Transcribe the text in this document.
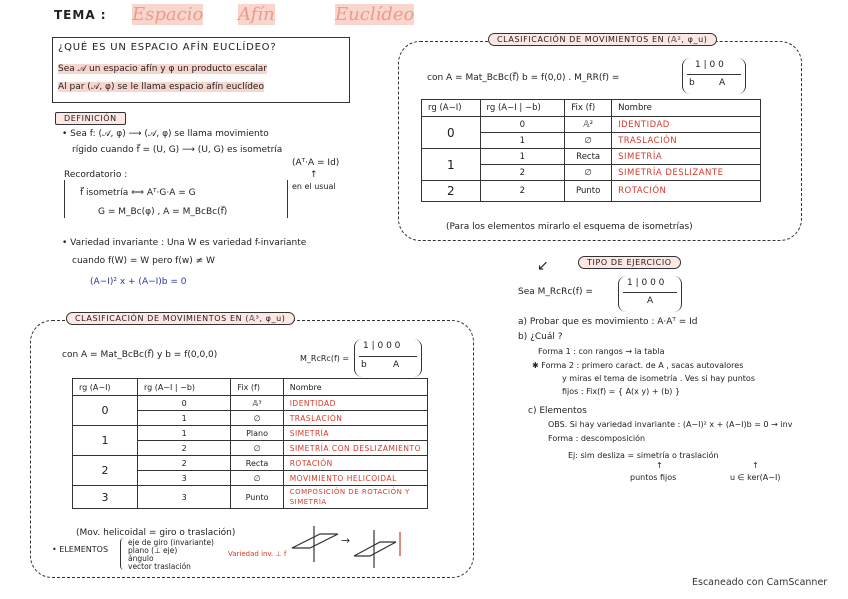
TEMA : Espacio Afín	Euclídeo
¿QUÉ ES UN ESPACIO AFÍN EUCLÍDEO?
Sea 𝒜 un espacio afín y φ un producto escalar
Al par (𝒜, φ) se le llama espacio afín euclídeo
DEFINICIÓN
• Sea f: (𝒜, φ) ⟶ (𝒜, φ) se llama movimiento
rígido cuando f⃗ = (U, G) ⟶ (U, G) es isometría
(Aᵀ·A = Id)
↑
en el usual
Recordatorio :
f⃗ isometría ⟺ Aᵀ·G·A = G
G = M_Bc(φ) , A = M_BcBc(f⃗)
• Variedad invariante : Una W es variedad f-invariante
cuando f(W) = W pero f(w) ≠ W
(A−I)² x + (A−I)b = 0
CLASIFICACIÓN DE MOVIMIENTOS EN (𝔸², φ_u)
con A = Mat_BcBc(f⃗) b = f(0,0) . M_RR(f) =
1 | 0 0
b	A
rg (A−I)	rg (A−I | −b)	Fix (f)	Nombre
0	0	𝔸²	IDENTIDAD
	1	∅	TRASLACIÓN
1	1	Recta	SIMETRÍA
	2	∅	SIMETRÍA DESLIZANTE
2	2	Punto	ROTACIÓN
(Para los elementos mirarlo el esquema de isometrías)
↙	TIPO DE EJERCICIO
Sea M_RcRc(f) =
1 | 0 0 0
A
a) Probar que es movimiento : A·Aᵀ = Id
b) ¿Cuál ?
Forma 1 : con rangos → la tabla
✱ Forma 2 : primero caract. de A , sacas autovalores
y miras el tema de isometría . Ves si hay puntos
fijos : Fix(f) = { A(x y) + (b) }
c) Elementos
OBS. Si hay variedad invariante : (A−I)² x + (A−I)b = 0 → inv
Forma : descomposición
Ej: sim desliza = simetría o traslación
↑	↑
puntos fijos	u ∈ ker(A−I)
CLASIFICACIÓN DE MOVIMIENTOS EN (𝔸³, φ_u)
con A = Mat_BcBc(f⃗) y b = f(0,0,0)	M_RcRc(f) =
1 | 0 0 0
b	A
rg (A−I)	rg (A−I | −b)	Fix (f)	Nombre
0	0	𝔸³	IDENTIDAD
	1	∅	TRASLACIÓN
1	1	Plano	SIMETRÍA
	2	∅	SIMETRÍA CON DESLIZAMIENTO
2	2	Recta	ROTACIÓN
	3	∅	MOVIMIENTO HELICOIDAL
3	3	Punto	COMPOSICIÓN DE ROTACIÓN Y SIMETRÍA
(Mov. helicoidal = giro o traslación)
• ELEMENTOS
eje de giro (invariante)
plano (⊥ eje)
ángulo
vector traslación
Variedad inv. ⊥ f
→
Escaneado con CamScanner
